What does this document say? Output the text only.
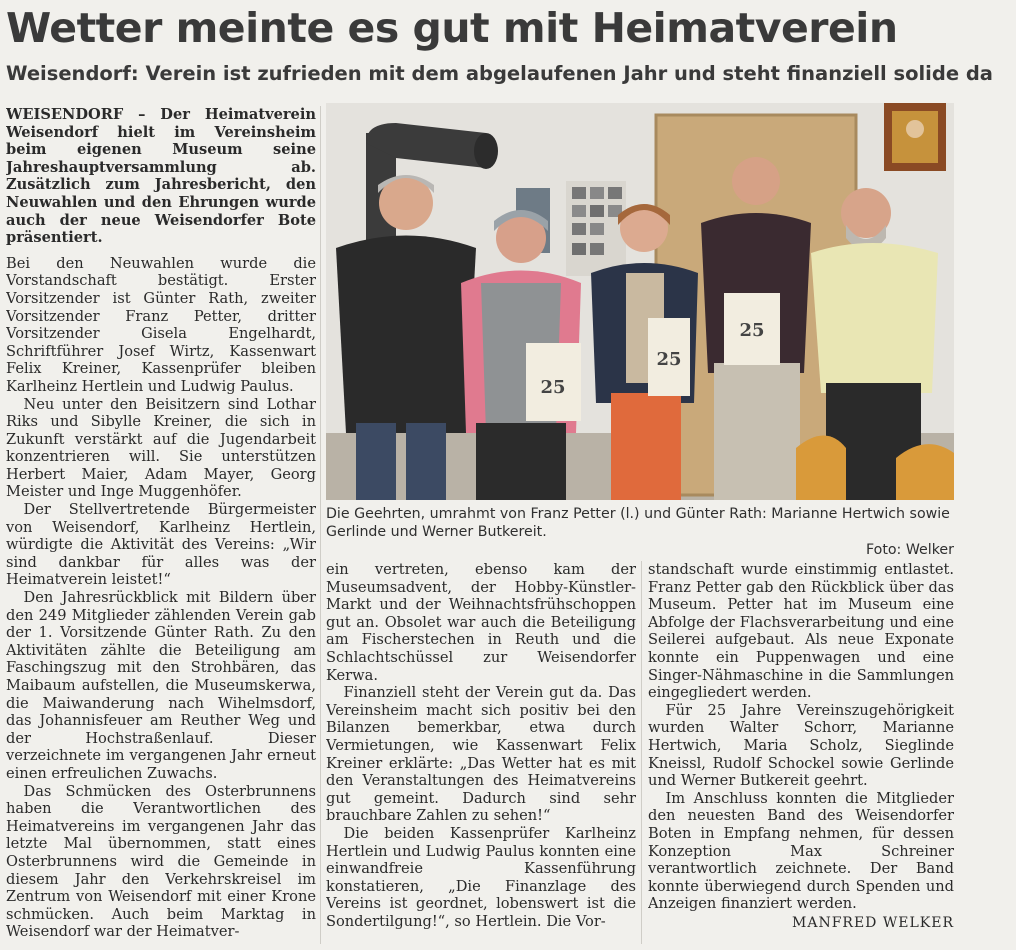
Wetter meinte es gut mit Heimatverein
Weisendorf: Verein ist zufrieden mit dem abgelaufenen Jahr und steht finanziell solide da

WEISENDORF – Der Heimatverein Weisendorf hielt im Vereinsheim beim eigenen Museum seine Jahreshauptversammlung ab. Zusätzlich zum Jahresbericht, den Neuwahlen und den Ehrungen wurde auch der neue Weisendorfer Bote präsentiert.

Bei den Neuwahlen wurde die Vorstandschaft bestätigt. Erster Vorsitzender ist Günter Rath, zweiter Vorsitzender Franz Petter, dritter Vorsitzender Gisela Engelhardt, Schriftführer Josef Wirtz, Kassenwart Felix Kreiner, Kassenprüfer bleiben Karlheinz Hertlein und Ludwig Paulus.

Neu unter den Beisitzern sind Lothar Riks und Sibylle Kreiner, die sich in Zukunft verstärkt auf die Jugendarbeit konzentrieren will. Sie unterstützen Herbert Maier, Adam Mayer, Georg Meister und Inge Muggenhöfer.

Der Stellvertretende Bürgermeister von Weisendorf, Karlheinz Hertlein, würdigte die Aktivität des Vereins: „Wir sind dankbar für alles was der Heimatverein leistet!“

Den Jahresrückblick mit Bildern über den 249 Mitglieder zählenden Verein gab der 1. Vorsitzende Günter Rath. Zu den Aktivitäten zählte die Beteiligung am Faschingszug mit den Strohbären, das Maibaum aufstellen, die Museumskerwa, die Maiwanderung nach Wihelmsdorf, das Johannisfeuer am Reuther Weg und der Hochstraßenlauf. Dieser verzeichnete im vergangenen Jahr erneut einen erfreulichen Zuwachs.

Das Schmücken des Osterbrunnens haben die Verantwortlichen des Heimatvereins im vergangenen Jahr das letzte Mal übernommen, statt eines Osterbrunnens wird die Gemeinde in diesem Jahr den Verkehrskreisel im Zentrum von Weisendorf mit einer Krone schmücken. Auch beim Marktag in Weisendorf war der Heimatver-

25
25
25
Die Geehrten, umrahmt von Franz Petter (l.) und Günter Rath: Marianne Hertwich sowie Gerlinde und Werner Butkereit.
Foto: Welker

ein vertreten, ebenso kam der Museumsadvent, der Hobby-Künstler-Markt und der Weihnachtsfrühschoppen gut an. Obsolet war auch die Beteiligung am Fischerstechen in Reuth und die Schlachtschüssel zur Weisendorfer Kerwa.

Finanziell steht der Verein gut da. Das Vereinsheim macht sich positiv bei den Bilanzen bemerkbar, etwa durch Vermietungen, wie Kassenwart Felix Kreiner erklärte: „Das Wetter hat es mit den Veranstaltungen des Heimatvereins gut gemeint. Dadurch sind sehr brauchbare Zahlen zu sehen!“

Die beiden Kassenprüfer Karlheinz Hertlein und Ludwig Paulus konnten eine einwandfreie Kassenführung konstatieren, „Die Finanzlage des Vereins ist geordnet, lobenswert ist die Sondertilgung!“, so Hertlein. Die Vor-

standschaft wurde einstimmig entlastet. Franz Petter gab den Rückblick über das Museum. Petter hat im Museum eine Abfolge der Flachsverarbeitung und eine Seilerei aufgebaut. Als neue Exponate konnte ein Puppenwagen und eine Singer-Nähmaschine in die Sammlungen eingegliedert werden.

Für 25 Jahre Vereinszugehörigkeit wurden Walter Schorr, Marianne Hertwich, Maria Scholz, Sieglinde Kneissl, Rudolf Schockel sowie Gerlinde und Werner Butkereit geehrt.

Im Anschluss konnten die Mitglieder den neuesten Band des Weisendorfer Boten in Empfang nehmen, für dessen Konzeption Max Schreiner verantwortlich zeichnete. Der Band konnte überwiegend durch Spenden und Anzeigen finanziert werden.

MANFRED WELKER
